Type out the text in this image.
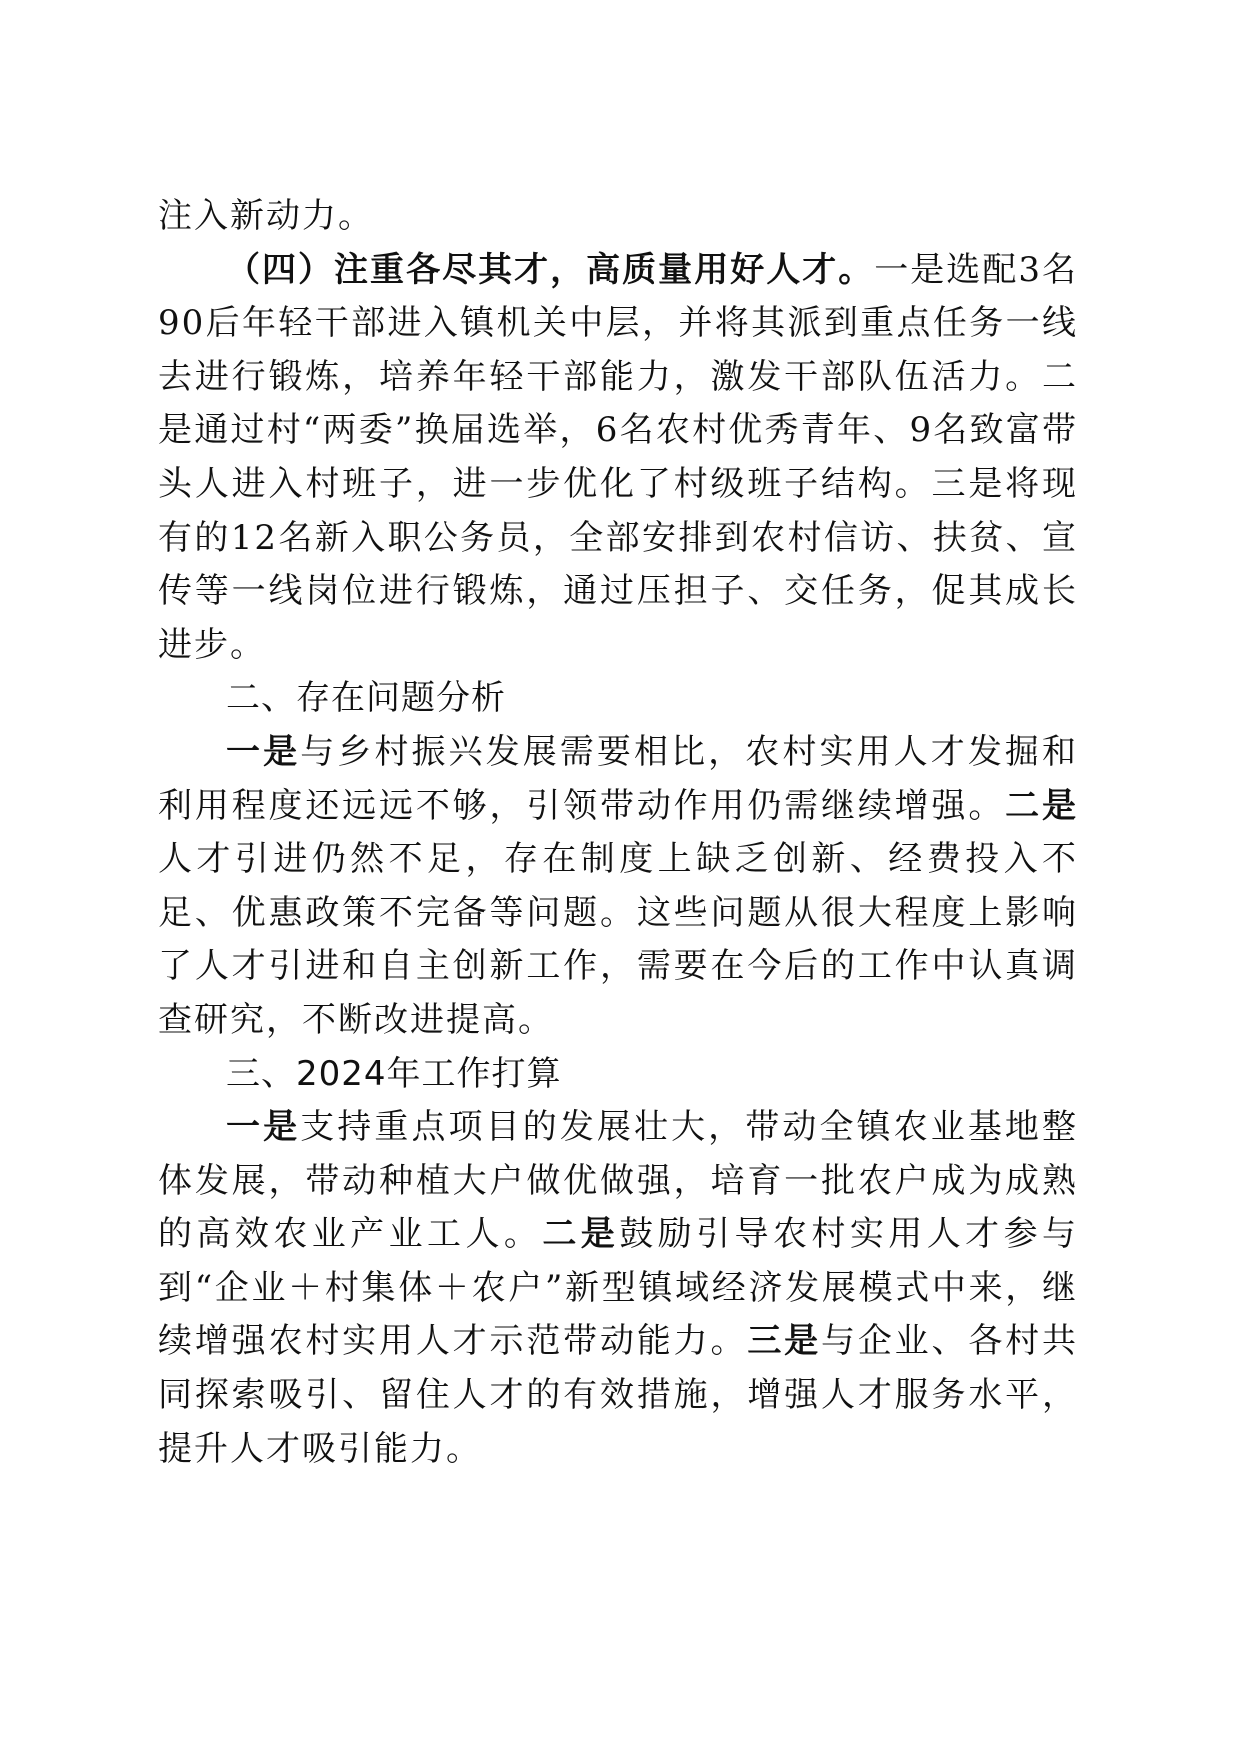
注入新动力。

（四）注重各尽其才，高质量用好人才。一是选配3名90后年轻干部进入镇机关中层，并将其派到重点任务一线去进行锻炼，培养年轻干部能力，激发干部队伍活力。二是通过村“两委”换届选举，6名农村优秀青年、9名致富带头人进入村班子，进一步优化了村级班子结构。三是将现有的12名新入职公务员，全部安排到农村信访、扶贫、宣传等一线岗位进行锻炼，通过压担子、交任务，促其成长进步。

二、存在问题分析

一是与乡村振兴发展需要相比，农村实用人才发掘和利用程度还远远不够，引领带动作用仍需继续增强。二是人才引进仍然不足，存在制度上缺乏创新、经费投入不足、优惠政策不完备等问题。这些问题从很大程度上影响了人才引进和自主创新工作，需要在今后的工作中认真调查研究，不断改进提高。

三、2024年工作打算

一是支持重点项目的发展壮大，带动全镇农业基地整体发展，带动种植大户做优做强，培育一批农户成为成熟的高效农业产业工人。二是鼓励引导农村实用人才参与到“企业＋村集体＋农户”新型镇域经济发展模式中来，继续增强农村实用人才示范带动能力。三是与企业、各村共同探索吸引、留住人才的有效措施，增强人才服务水平，提升人才吸引能力。
